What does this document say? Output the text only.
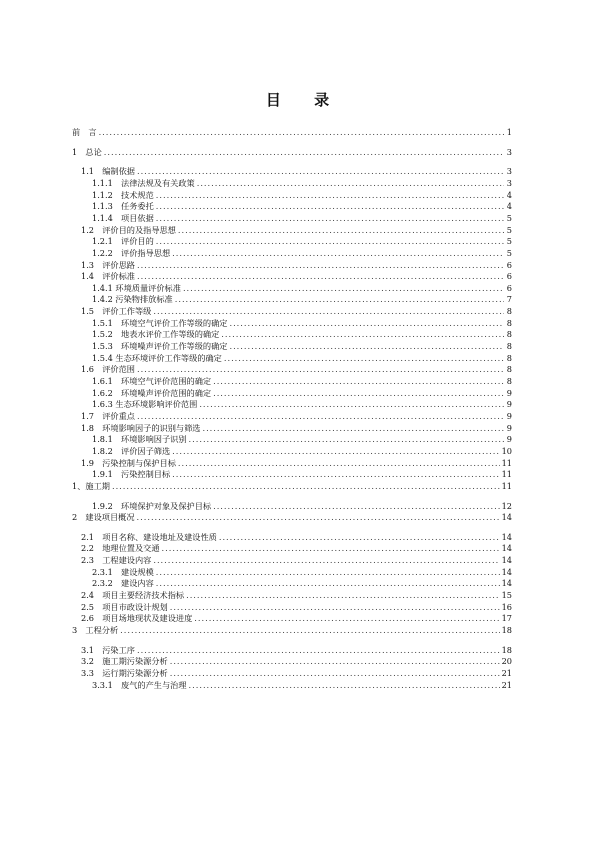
目 录
前　言 .....	1
1　总论 .....	3
1.1　编制依据 .....	3
1.1.1　法律法规及有关政策 .....	3
1.1.2　技术规范 .....	4
1.1.3　任务委托 .....	4
1.1.4　项目依据 .....	5
1.2　评价目的及指导思想 .....	5
1.2.1　评价目的 .....	5
1.2.2　评价指导思想 .....	5
1.3　评价思路 .....	6
1.4　评价标准 .....	6
1.4.1 环境质量评价标准 .....	6
1.4.2 污染物排放标准 .....	7
1.5　评价工作等级 .....	8
1.5.1　环境空气评价工作等级的确定 .....	8
1.5.2　地表水评价工作等级的确定 .....	8
1.5.3　环境噪声评价工作等级的确定 .....	8
1.5.4 生态环境评价工作等级的确定 .....	8
1.6　评价范围 .....	8
1.6.1　环境空气评价范围的确定 .....	8
1.6.2　环境噪声评价范围的确定 .....	9
1.6.3 生态环境影响评价范围 .....	9
1.7　评价重点 .....	9
1.8　环境影响因子的识别与筛选 .....	9
1.8.1　环境影响因子识别 .....	9
1.8.2　评价因子筛选 .....	10
1.9　污染控制与保护目标 .....	11
1.9.1　污染控制目标 .....	11
1、施工期 .....	11
1.9.2　环境保护对象及保护目标 .....	12
2　建设项目概况 .....	14
2.1　项目名称、建设地址及建设性质 .....	14
2.2　地理位置及交通 .....	14
2.3　工程建设内容 .....	14
2.3.1　建设规模 .....	14
2.3.2　建设内容 .....	14
2.4　项目主要经济技术指标 .....	15
2.5　项目市政设计规划 .....	16
2.6　项目场地现状及建设进度 .....	17
3　工程分析 .....	18
3.1　污染工序 .....	18
3.2　施工期污染源分析 .....	20
3.3　运行期污染源分析 .....	21
3.3.1　废气的产生与治理 .....	21
